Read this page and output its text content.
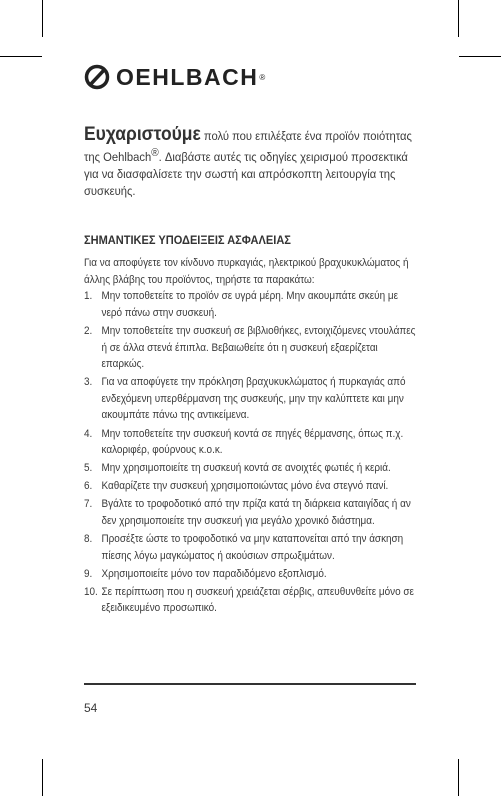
OEHLBACH ®

Ευχαριστούμε πολύ που επιλέξατε ένα προϊόν ποιότητας της Oehlbach®. Διαβάστε αυτές τις οδηγίες χειρισμού προσεκτικά για να διασφαλίσετε την σωστή και απρόσκοπτη λειτουργία της συσκευής.

ΣΗΜΑΝΤΙΚΕΣ ΥΠΟΔΕΙΞΕΙΣ ΑΣΦΑΛΕΙΑΣ

Για να αποφύγετε τον κίνδυνο πυρκαγιάς, ηλεκτρικού βραχυκυκλώματος ή άλλης βλάβης του προϊόντος, τηρήστε τα παρακάτω:

1. Μην τοποθετείτε το προϊόν σε υγρά μέρη. Μην ακουμπάτε σκεύη με νερό πάνω στην συσκευή.
2. Μην τοποθετείτε την συσκευή σε βιβλιοθήκες, εντοιχιζόμενες ντουλάπες ή σε άλλα στενά έπιπλα. Βεβαιωθείτε ότι η συσκευή εξαερίζεται επαρκώς.
3. Για να αποφύγετε την πρόκληση βραχυκυκλώματος ή πυρκαγιάς από ενδεχόμενη υπερθέρμανση της συσκευής, μην την καλύπτετε και μην ακουμπάτε πάνω της αντικείμενα.
4. Μην τοποθετείτε την συσκευή κοντά σε πηγές θέρμανσης, όπως π.χ. καλοριφέρ, φούρνους κ.ο.κ.
5. Μην χρησιμοποιείτε τη συσκευή κοντά σε ανοιχτές φωτιές ή κεριά.
6. Καθαρίζετε την συσκευή χρησιμοποιώντας μόνο ένα στεγνό πανί.
7. Βγάλτε το τροφοδοτικό από την πρίζα κατά τη διάρκεια καταιγίδας ή αν δεν χρησιμοποιείτε την συσκευή για μεγάλο χρονικό διάστημα.
8. Προσέξτε ώστε το τροφοδοτικό να μην καταπονείται από την άσκηση πίεσης λόγω μαγκώματος ή ακούσιων σπρωξιμάτων.
9. Χρησιμοποιείτε μόνο τον παραδιδόμενο εξοπλισμό.
10. Σε περίπτωση που η συσκευή χρειάζεται σέρβις, απευθυνθείτε μόνο σε εξειδικευμένο προσωπικό.
54
